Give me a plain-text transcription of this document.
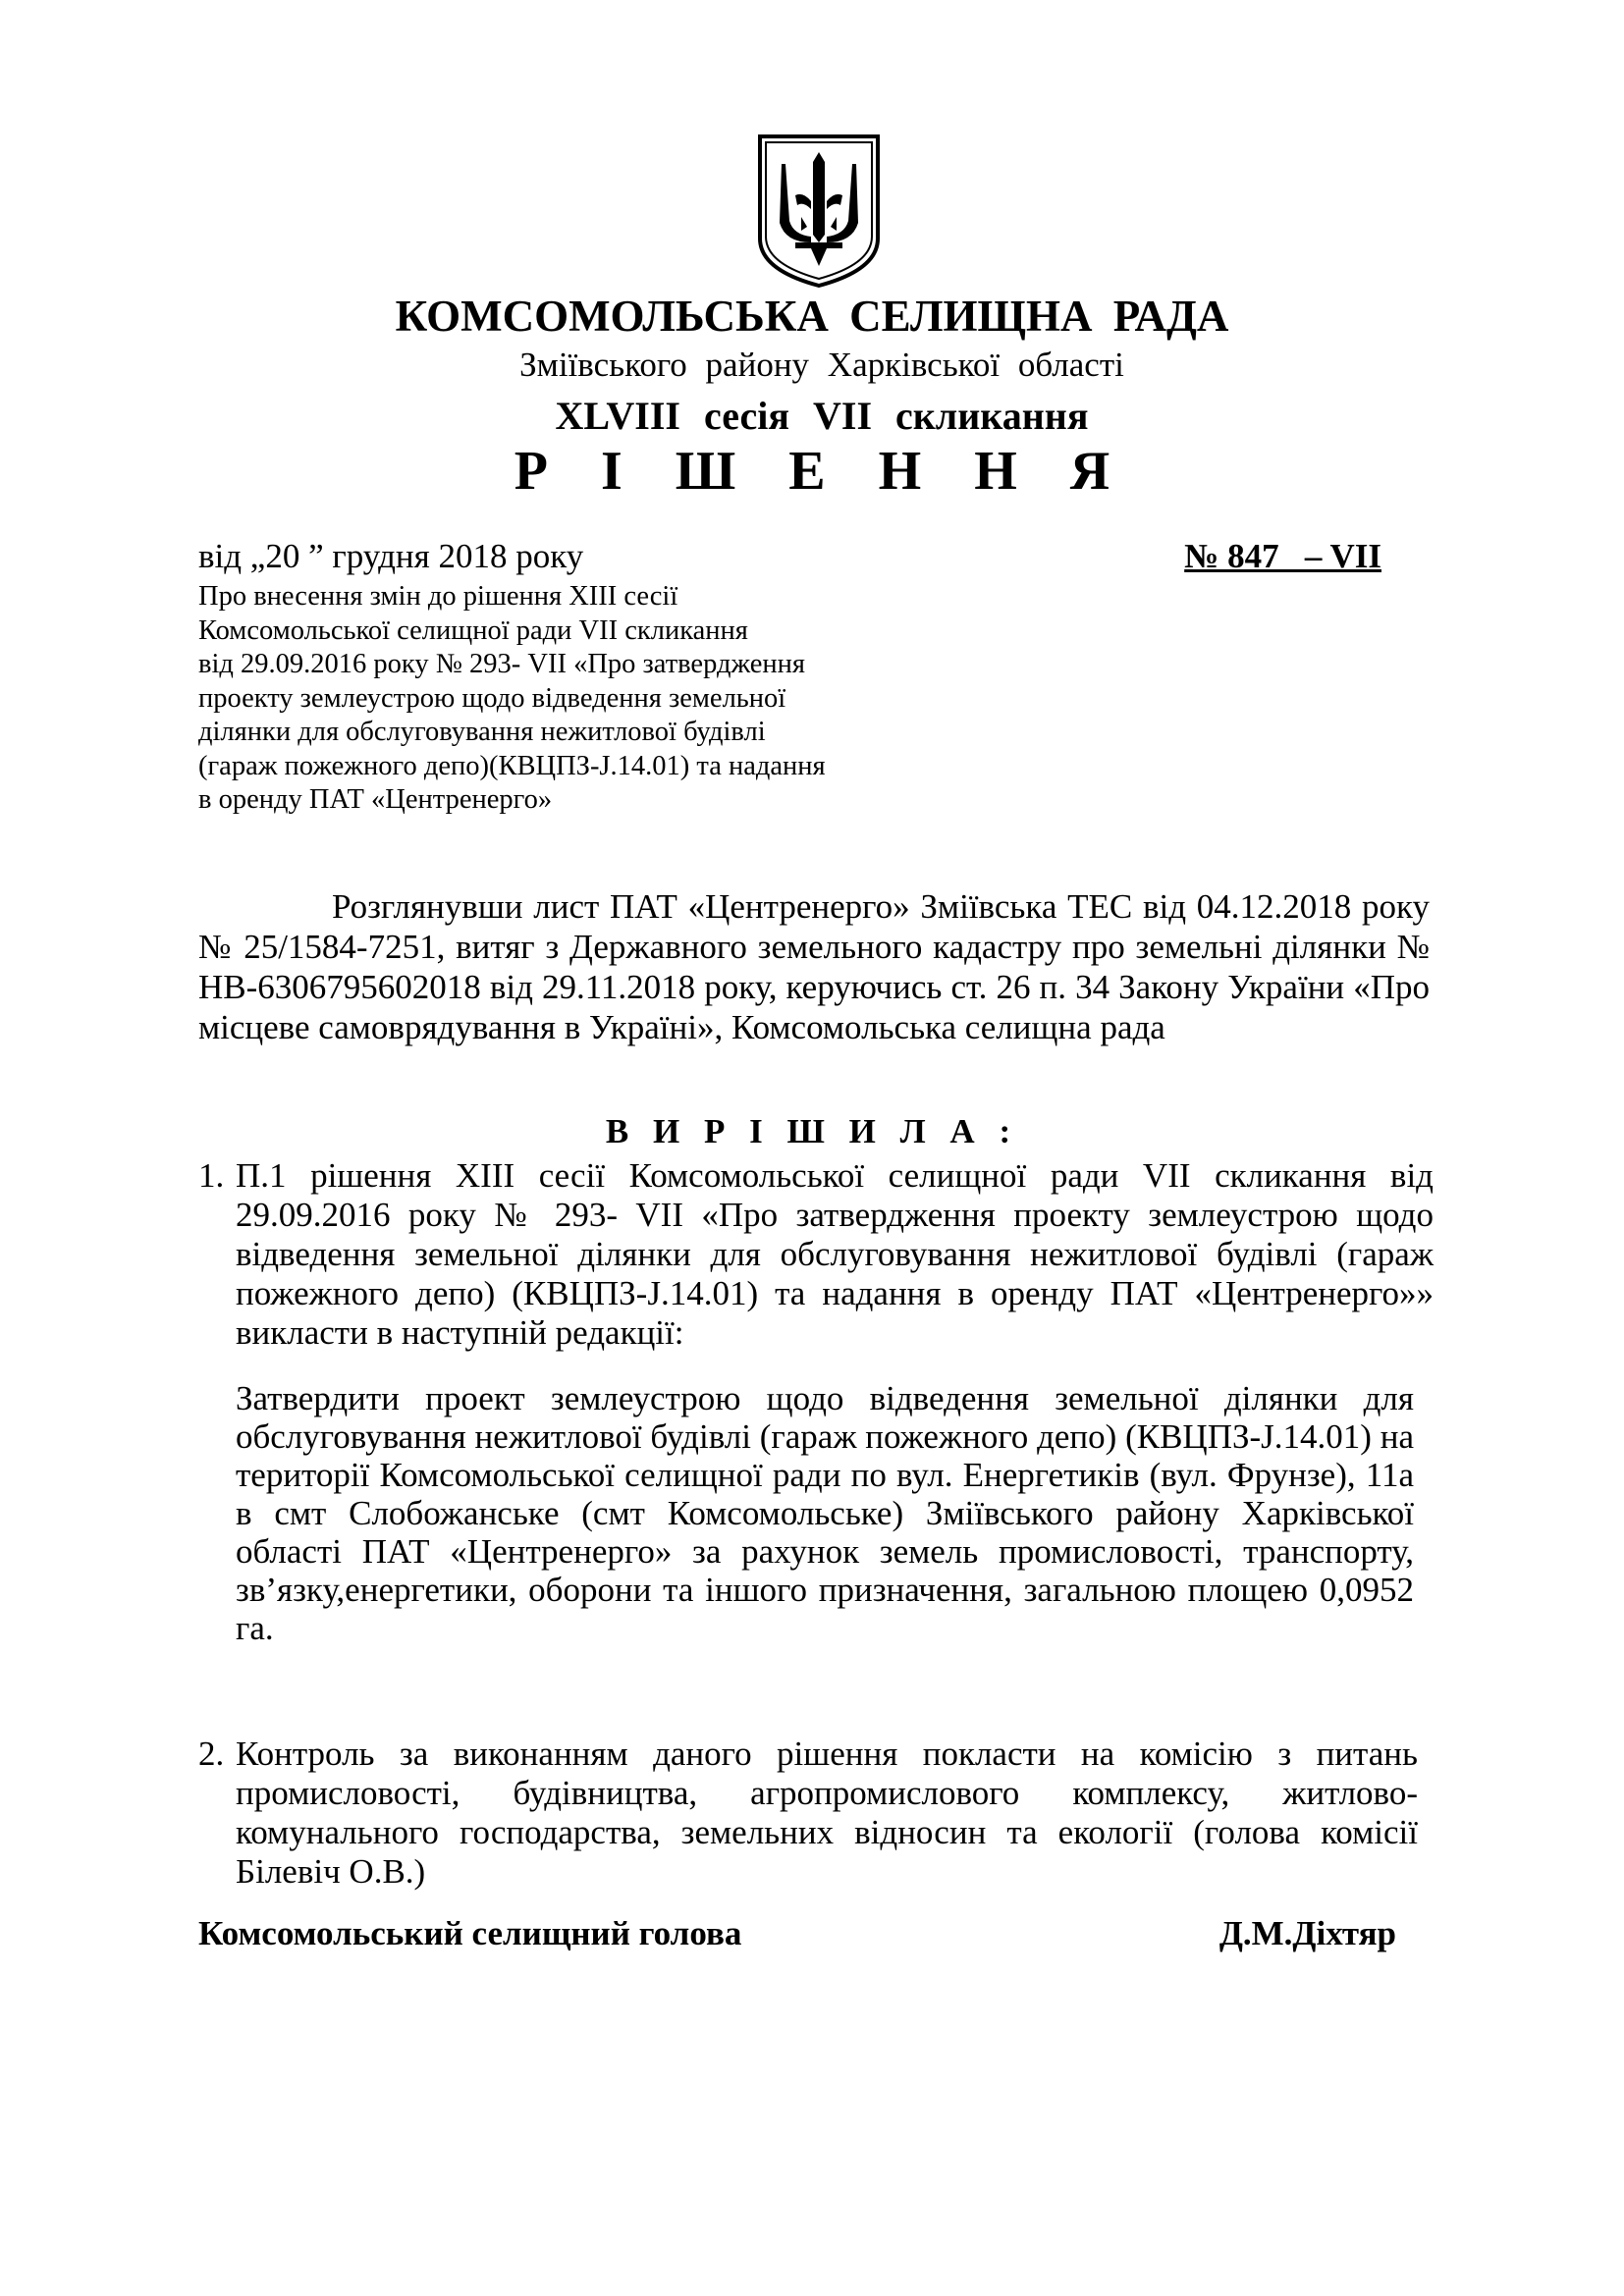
КОМСОМОЛЬСЬКА СЕЛИЩНА РАДА
Зміївського району Харківської області
XLVIII сесія VII скликання
Р І Ш Е Н Н Я
від „20 ” грудня 2018 року	№ 847   – VII
Про внесення змін до рішення XIII сесії
Комсомольської селищної ради VII скликання
від 29.09.2016 року № 293- VII «Про затвердження
проекту землеустрою щодо відведення земельної
ділянки для обслуговування нежитлової будівлі
(гараж пожежного депо)(КВЦПЗ-J.14.01) та надання
в оренду ПАТ «Центренерго»
Розглянувши лист ПАТ «Центренерго» Зміївська ТЕС від 04.12.2018 року № 25/1584-7251, витяг з Державного земельного кадастру про земельні ділянки № НВ-6306795602018 від 29.11.2018 року, керуючись ст. 26 п. 34 Закону України «Про місцеве самоврядування в Україні», Комсомольська селищна рада
В И Р І Ш И Л А :
1. П.1 рішення XIII сесії Комсомольської селищної ради VII скликання від 29.09.2016 року № 293- VII «Про затвердження проекту землеустрою щодо відведення земельної ділянки для обслуговування нежитлової будівлі (гараж пожежного депо) (КВЦПЗ-J.14.01) та надання в оренду ПАТ «Центренерго»» викласти в наступній редакції:
Затвердити проект землеустрою щодо відведення земельної ділянки для обслуговування нежитлової будівлі (гараж пожежного депо) (КВЦПЗ-J.14.01) на території Комсомольської селищної ради по вул. Енергетиків (вул. Фрунзе), 11а в смт Слобожанське (смт Комсомольське) Зміївського району Харківської області ПАТ «Центренерго» за рахунок земель промисловості, транспорту, зв’язку,енергетики, оборони та іншого призначення, загальною площею 0,0952 га.
2. Контроль за виконанням даного рішення покласти на комісію з питань промисловості, будівництва, агропромислового комплексу, житлово-комунального господарства, земельних відносин та екології (голова комісії Білевіч О.В.)
Комсомольський селищний голова	Д.М.Діхтяр
